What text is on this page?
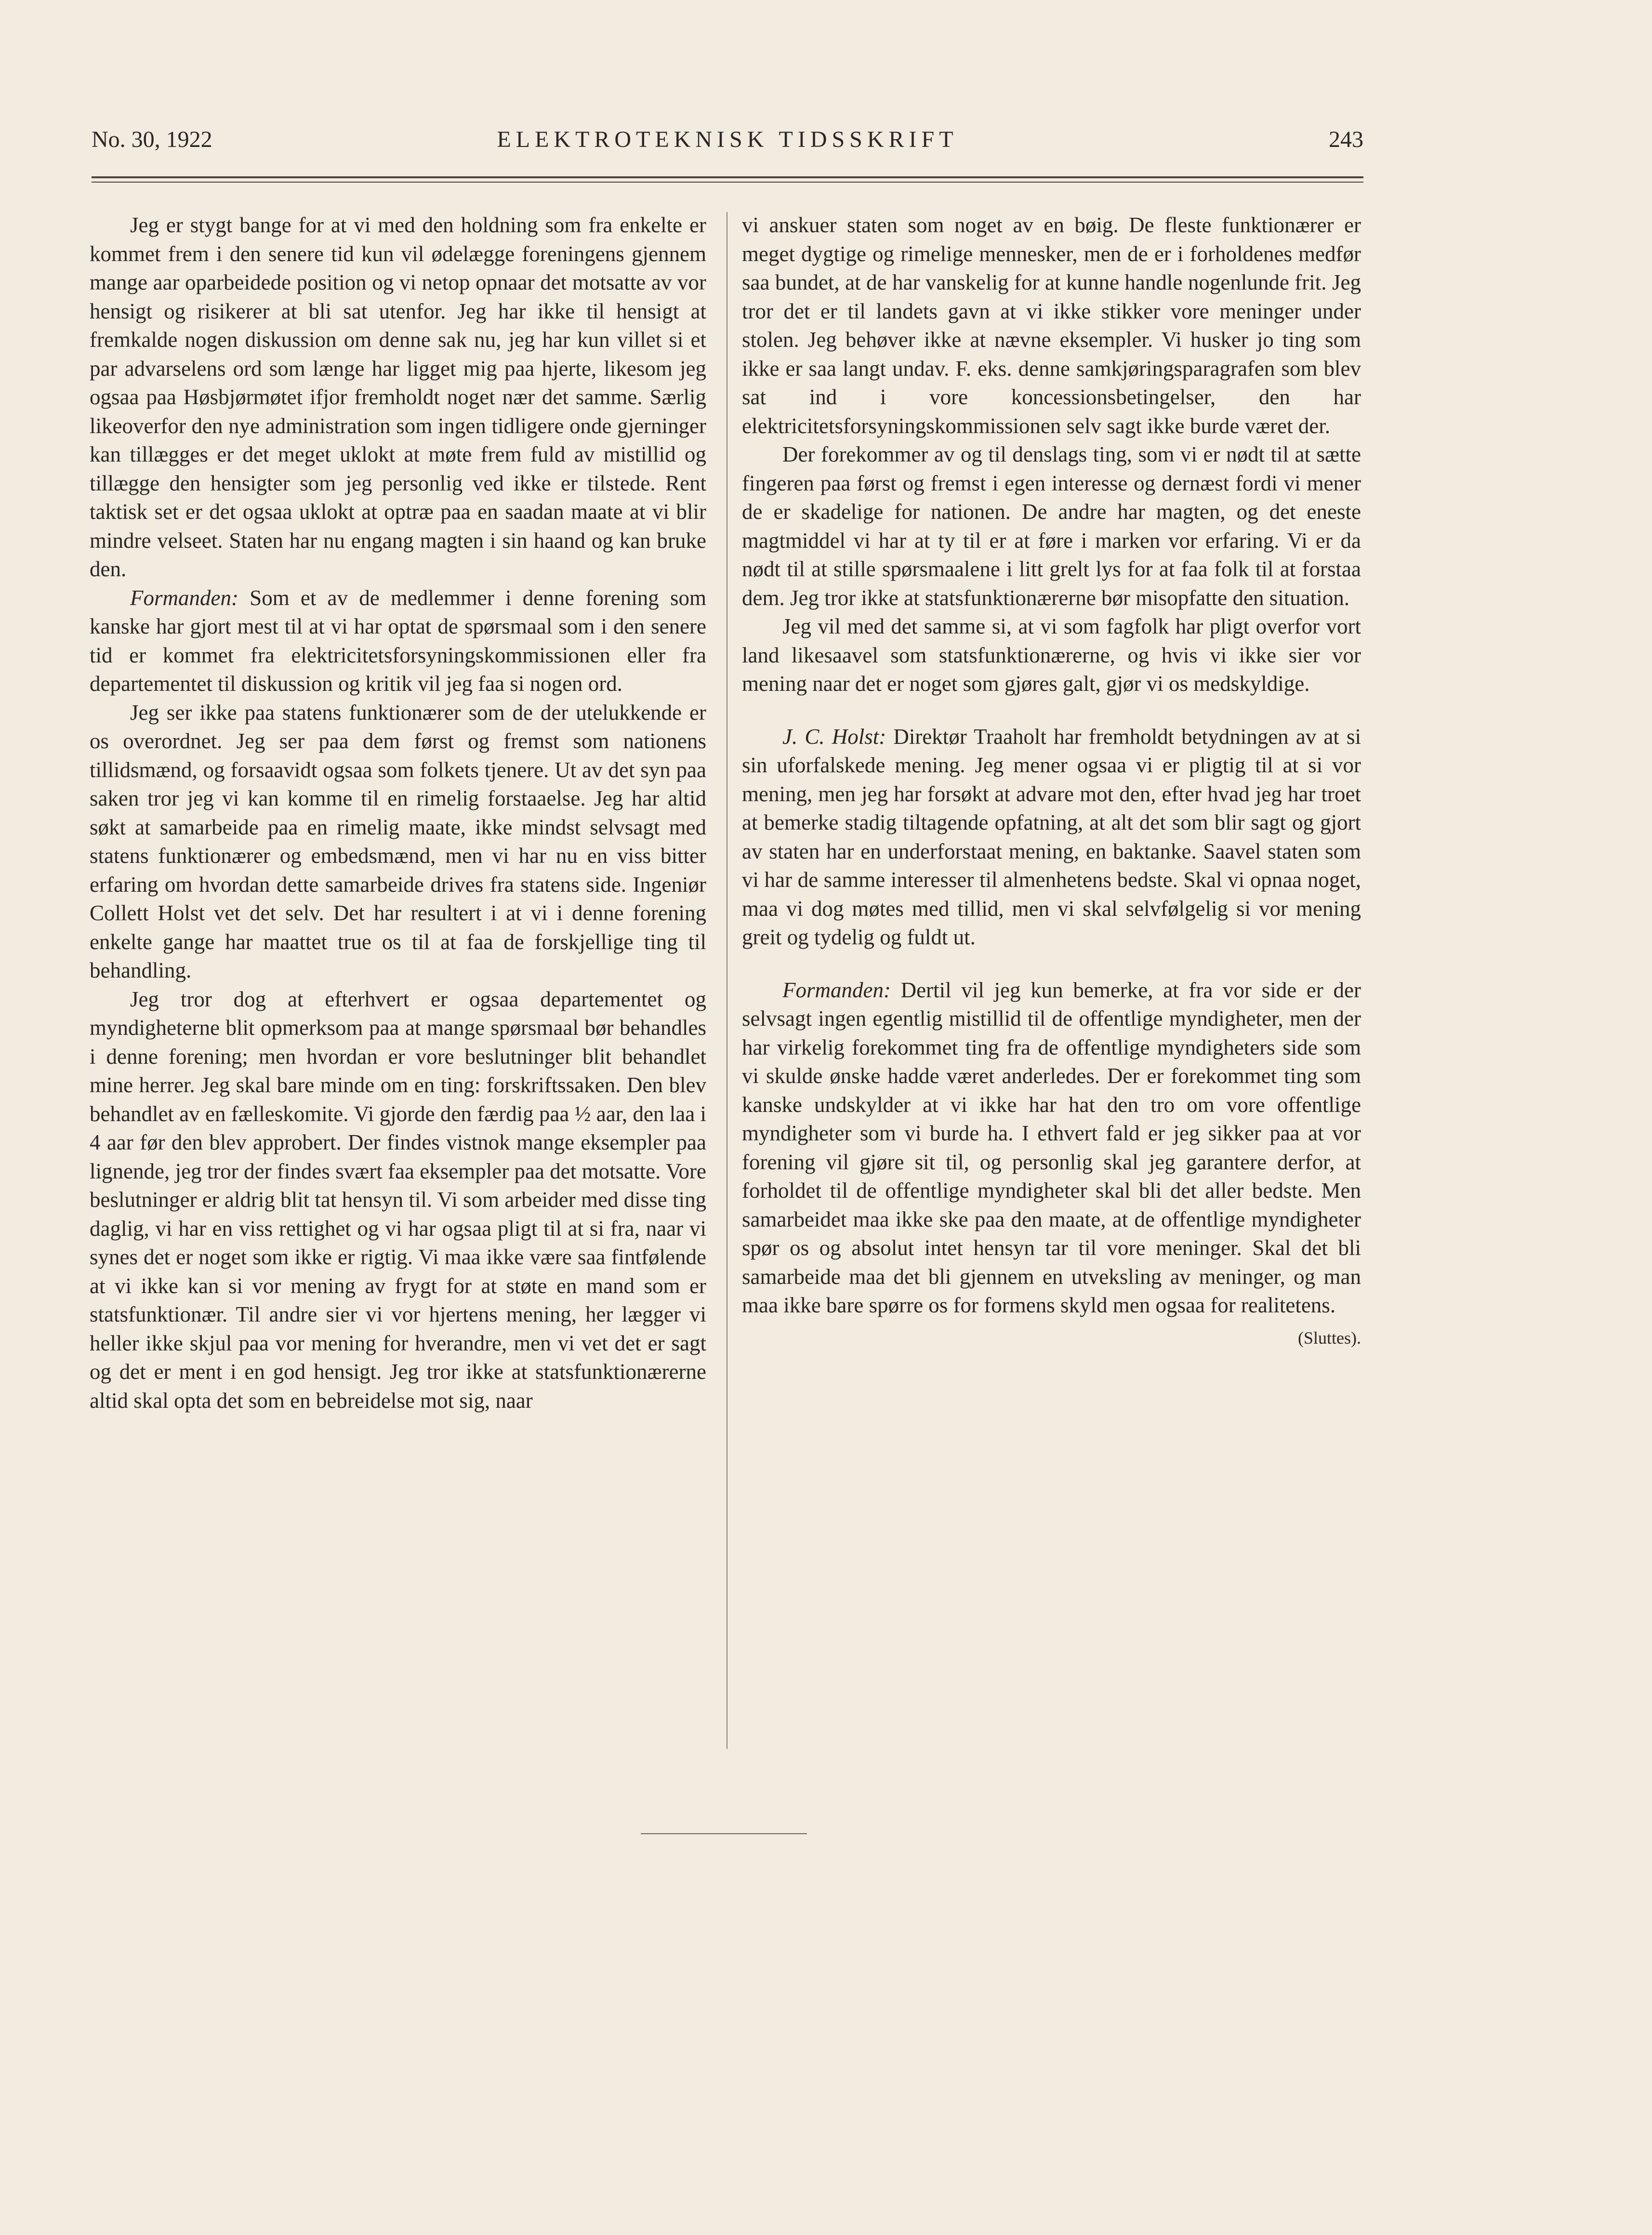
No. 30, 1922	ELEKTROTEKNISK TIDSSKRIFT	243

Jeg er stygt bange for at vi med den holdning som fra enkelte er kommet frem i den senere tid kun vil ødelægge foreningens gjennem mange aar oparbeidede position og vi netop opnaar det motsatte av vor hensigt og risikerer at bli sat utenfor. Jeg har ikke til hensigt at fremkalde nogen diskussion om denne sak nu, jeg har kun villet si et par advarselens ord som længe har ligget mig paa hjerte, likesom jeg ogsaa paa Høsbjørmøtet ifjor fremholdt noget nær det samme. Særlig likeoverfor den nye administration som ingen tidligere onde gjerninger kan tillægges er det meget uklokt at møte frem fuld av mistillid og tillægge den hensigter som jeg personlig ved ikke er tilstede. Rent taktisk set er det ogsaa uklokt at optræ paa en saadan maate at vi blir mindre velseet. Staten har nu engang magten i sin haand og kan bruke den.

Formanden: Som et av de medlemmer i denne forening som kanske har gjort mest til at vi har optat de spørsmaal som i den senere tid er kommet fra elektricitetsforsyningskommissionen eller fra departementet til diskussion og kritik vil jeg faa si nogen ord.

Jeg ser ikke paa statens funktionærer som de der utelukkende er os overordnet. Jeg ser paa dem først og fremst som nationens tillidsmænd, og forsaavidt ogsaa som folkets tjenere. Ut av det syn paa saken tror jeg vi kan komme til en rimelig forstaaelse. Jeg har altid søkt at samarbeide paa en rimelig maate, ikke mindst selvsagt med statens funktionærer og embedsmænd, men vi har nu en viss bitter erfaring om hvordan dette samarbeide drives fra statens side. Ingeniør Collett Holst vet det selv. Det har resultert i at vi i denne forening enkelte gange har maattet true os til at faa de forskjellige ting til behandling.

Jeg tror dog at efterhvert er ogsaa departementet og myndigheterne blit opmerksom paa at mange spørsmaal bør behandles i denne forening; men hvordan er vore beslutninger blit behandlet mine herrer. Jeg skal bare minde om en ting: forskriftssaken. Den blev behandlet av en fælleskomite. Vi gjorde den færdig paa ½ aar, den laa i 4 aar før den blev approbert. Der findes vistnok mange eksempler paa lignende, jeg tror der findes svært faa eksempler paa det motsatte. Vore beslutninger er aldrig blit tat hensyn til. Vi som arbeider med disse ting daglig, vi har en viss rettighet og vi har ogsaa pligt til at si fra, naar vi synes det er noget som ikke er rigtig. Vi maa ikke være saa fintfølende at vi ikke kan si vor mening av frygt for at støte en mand som er statsfunktionær. Til andre sier vi vor hjertens mening, her lægger vi heller ikke skjul paa vor mening for hverandre, men vi vet det er sagt og det er ment i en god hensigt. Jeg tror ikke at statsfunktionærerne altid skal opta det som en bebreidelse mot sig, naar

vi anskuer staten som noget av en bøig. De fleste funktionærer er meget dygtige og rimelige mennesker, men de er i forholdenes medfør saa bundet, at de har vanskelig for at kunne handle nogenlunde frit. Jeg tror det er til landets gavn at vi ikke stikker vore meninger under stolen. Jeg behøver ikke at nævne eksempler. Vi husker jo ting som ikke er saa langt undav. F. eks. denne samkjøringsparagrafen som blev sat ind i vore koncessionsbetingelser, den har elektricitetsforsyningskommissionen selv sagt ikke burde været der.

Der forekommer av og til denslags ting, som vi er nødt til at sætte fingeren paa først og fremst i egen interesse og dernæst fordi vi mener de er skadelige for nationen. De andre har magten, og det eneste magtmiddel vi har at ty til er at føre i marken vor erfaring. Vi er da nødt til at stille spørsmaalene i litt grelt lys for at faa folk til at forstaa dem. Jeg tror ikke at statsfunktionærerne bør misopfatte den situation.

Jeg vil med det samme si, at vi som fagfolk har pligt overfor vort land likesaavel som statsfunktionærerne, og hvis vi ikke sier vor mening naar det er noget som gjøres galt, gjør vi os medskyldige.

J. C. Holst: Direktør Traaholt har fremholdt betydningen av at si sin uforfalskede mening. Jeg mener ogsaa vi er pligtig til at si vor mening, men jeg har forsøkt at advare mot den, efter hvad jeg har troet at bemerke stadig tiltagende opfatning, at alt det som blir sagt og gjort av staten har en underforstaat mening, en baktanke. Saavel staten som vi har de samme interesser til almenhetens bedste. Skal vi opnaa noget, maa vi dog møtes med tillid, men vi skal selvfølgelig si vor mening greit og tydelig og fuldt ut.

Formanden: Dertil vil jeg kun bemerke, at fra vor side er der selvsagt ingen egentlig mistillid til de offentlige myndigheter, men der har virkelig forekommet ting fra de offentlige myndigheters side som vi skulde ønske hadde været anderledes. Der er forekommet ting som kanske undskylder at vi ikke har hat den tro om vore offentlige myndigheter som vi burde ha. I ethvert fald er jeg sikker paa at vor forening vil gjøre sit til, og personlig skal jeg garantere derfor, at forholdet til de offentlige myndigheter skal bli det aller bedste. Men samarbeidet maa ikke ske paa den maate, at de offentlige myndigheter spør os og absolut intet hensyn tar til vore meninger. Skal det bli samarbeide maa det bli gjennem en utveksling av meninger, og man maa ikke bare spørre os for formens skyld men ogsaa for realitetens.

(Sluttes).
